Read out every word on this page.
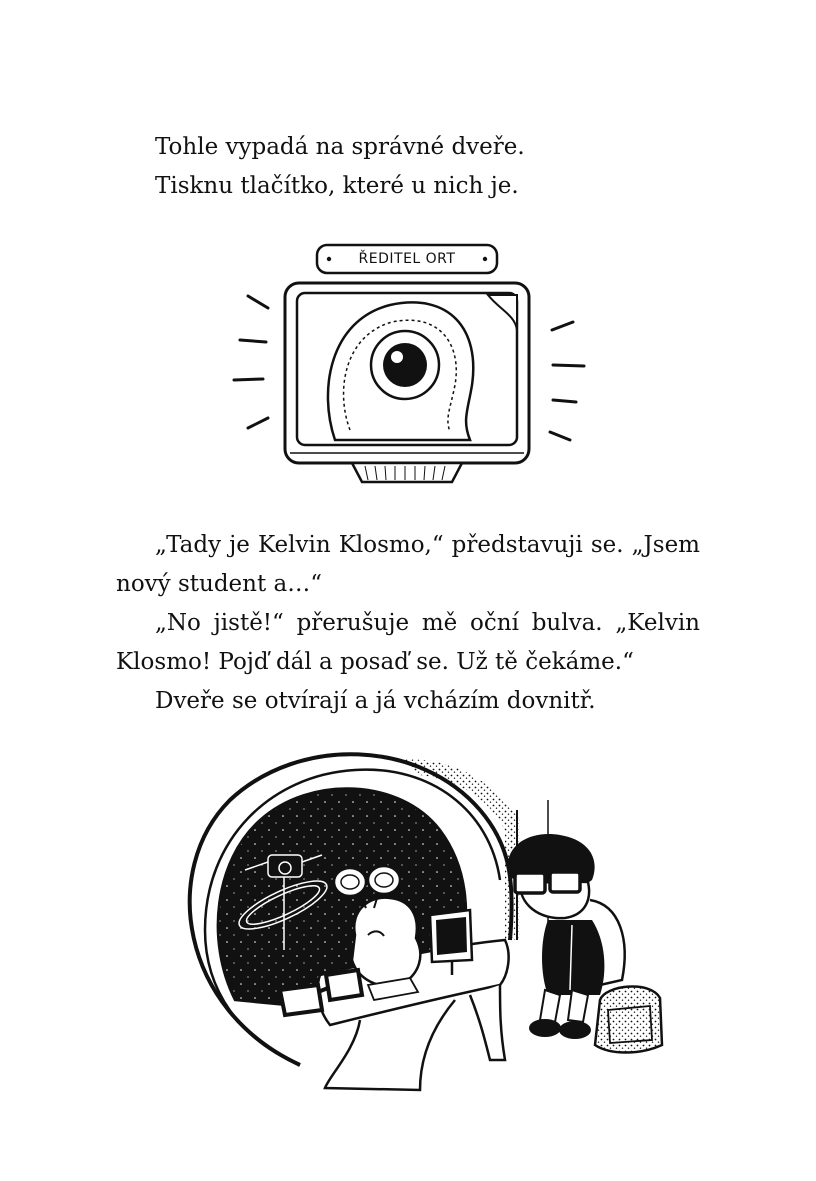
Tohle vypadá na správné dveře.

Tisknu tlačítko, které u nich je.

ŘEDITEL ORT

„Tady je Kelvin Klosmo,“ představuji se. „Jsem

nový student a…“

„No jistě!“ přerušuje mě oční bulva. „Kelvin

Klosmo! Pojď dál a posaď se. Už tě čekáme.“

Dveře se otvírají a já vcházím dovnitř.
